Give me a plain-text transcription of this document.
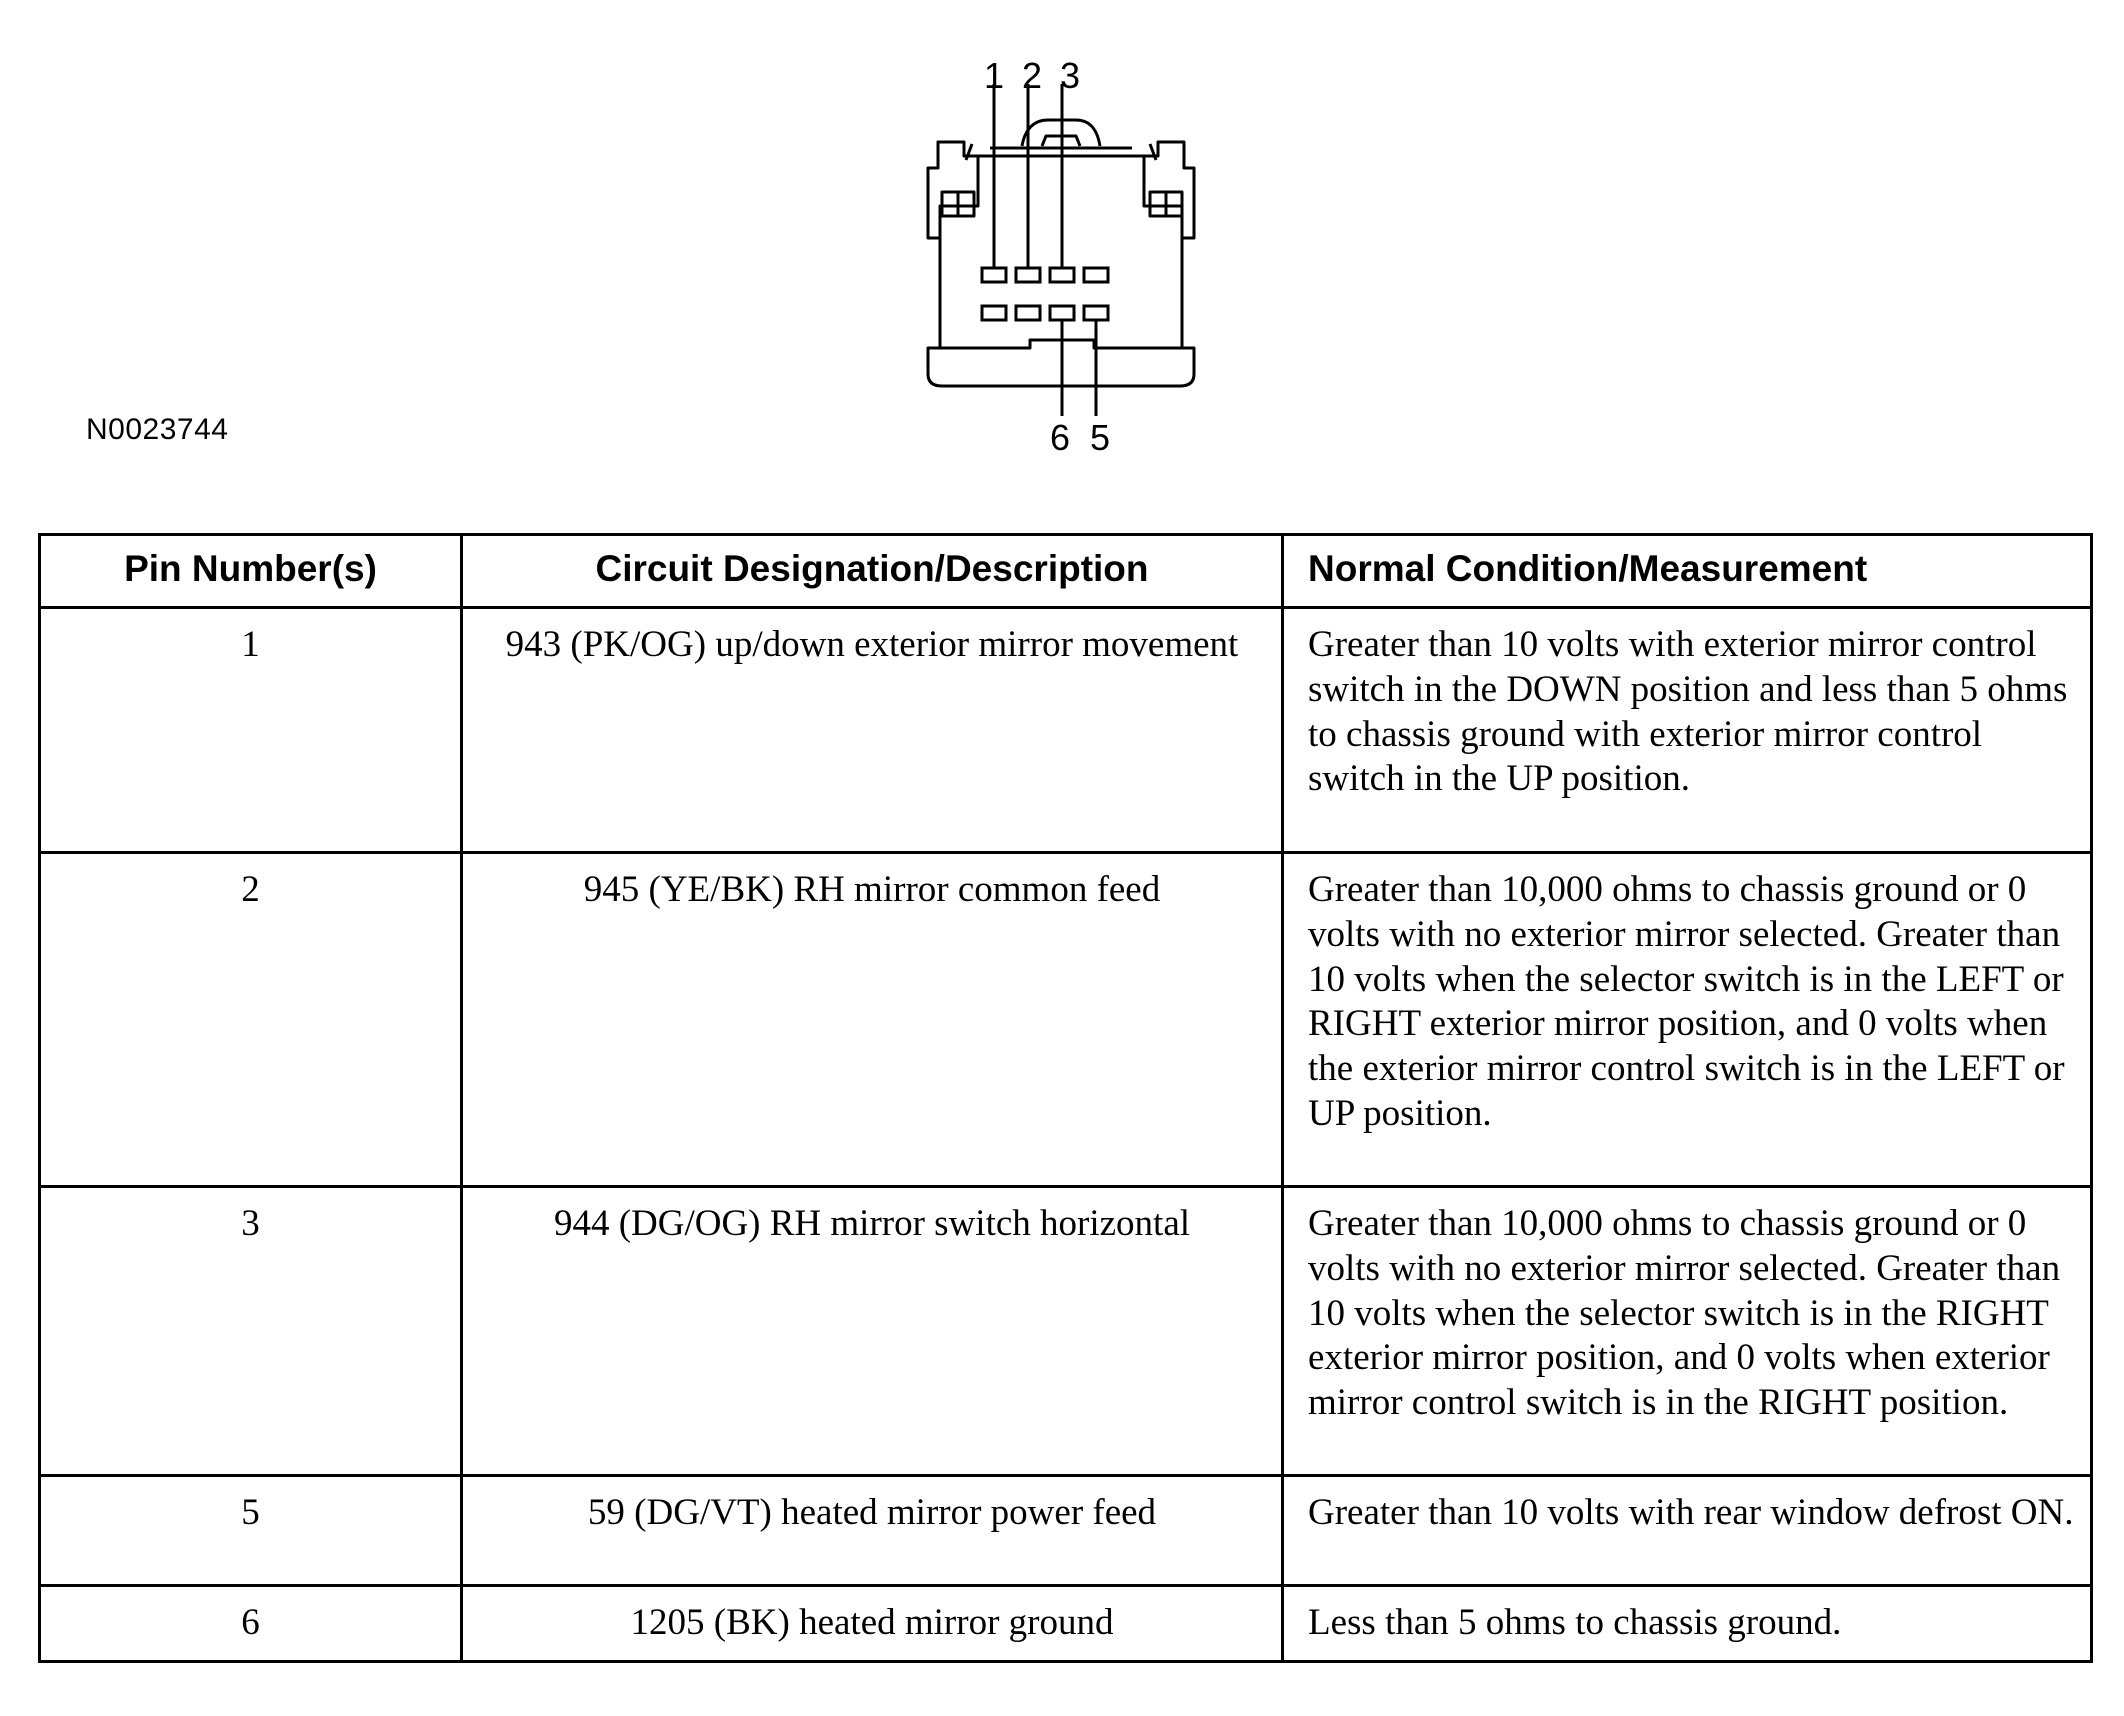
N0023744
1 2 3
6 5
Pin Number(s)	Circuit Designation/Description	Normal Condition/Measurement
1	943 (PK/OG) up/down exterior mirror movement	Greater than 10 volts with exterior mirror control switch in the DOWN position and less than 5 ohms to chassis ground with exterior mirror control switch in the UP position.
2	945 (YE/BK) RH mirror common feed	Greater than 10,000 ohms to chassis ground or 0 volts with no exterior mirror selected. Greater than 10 volts when the selector switch is in the LEFT or RIGHT exterior mirror position, and 0 volts when the exterior mirror control switch is in the LEFT or UP position.
3	944 (DG/OG) RH mirror switch horizontal	Greater than 10,000 ohms to chassis ground or 0 volts with no exterior mirror selected. Greater than 10 volts when the selector switch is in the RIGHT exterior mirror position, and 0 volts when exterior mirror control switch is in the RIGHT position.
5	59 (DG/VT) heated mirror power feed	Greater than 10 volts with rear window defrost ON.
6	1205 (BK) heated mirror ground	Less than 5 ohms to chassis ground.
